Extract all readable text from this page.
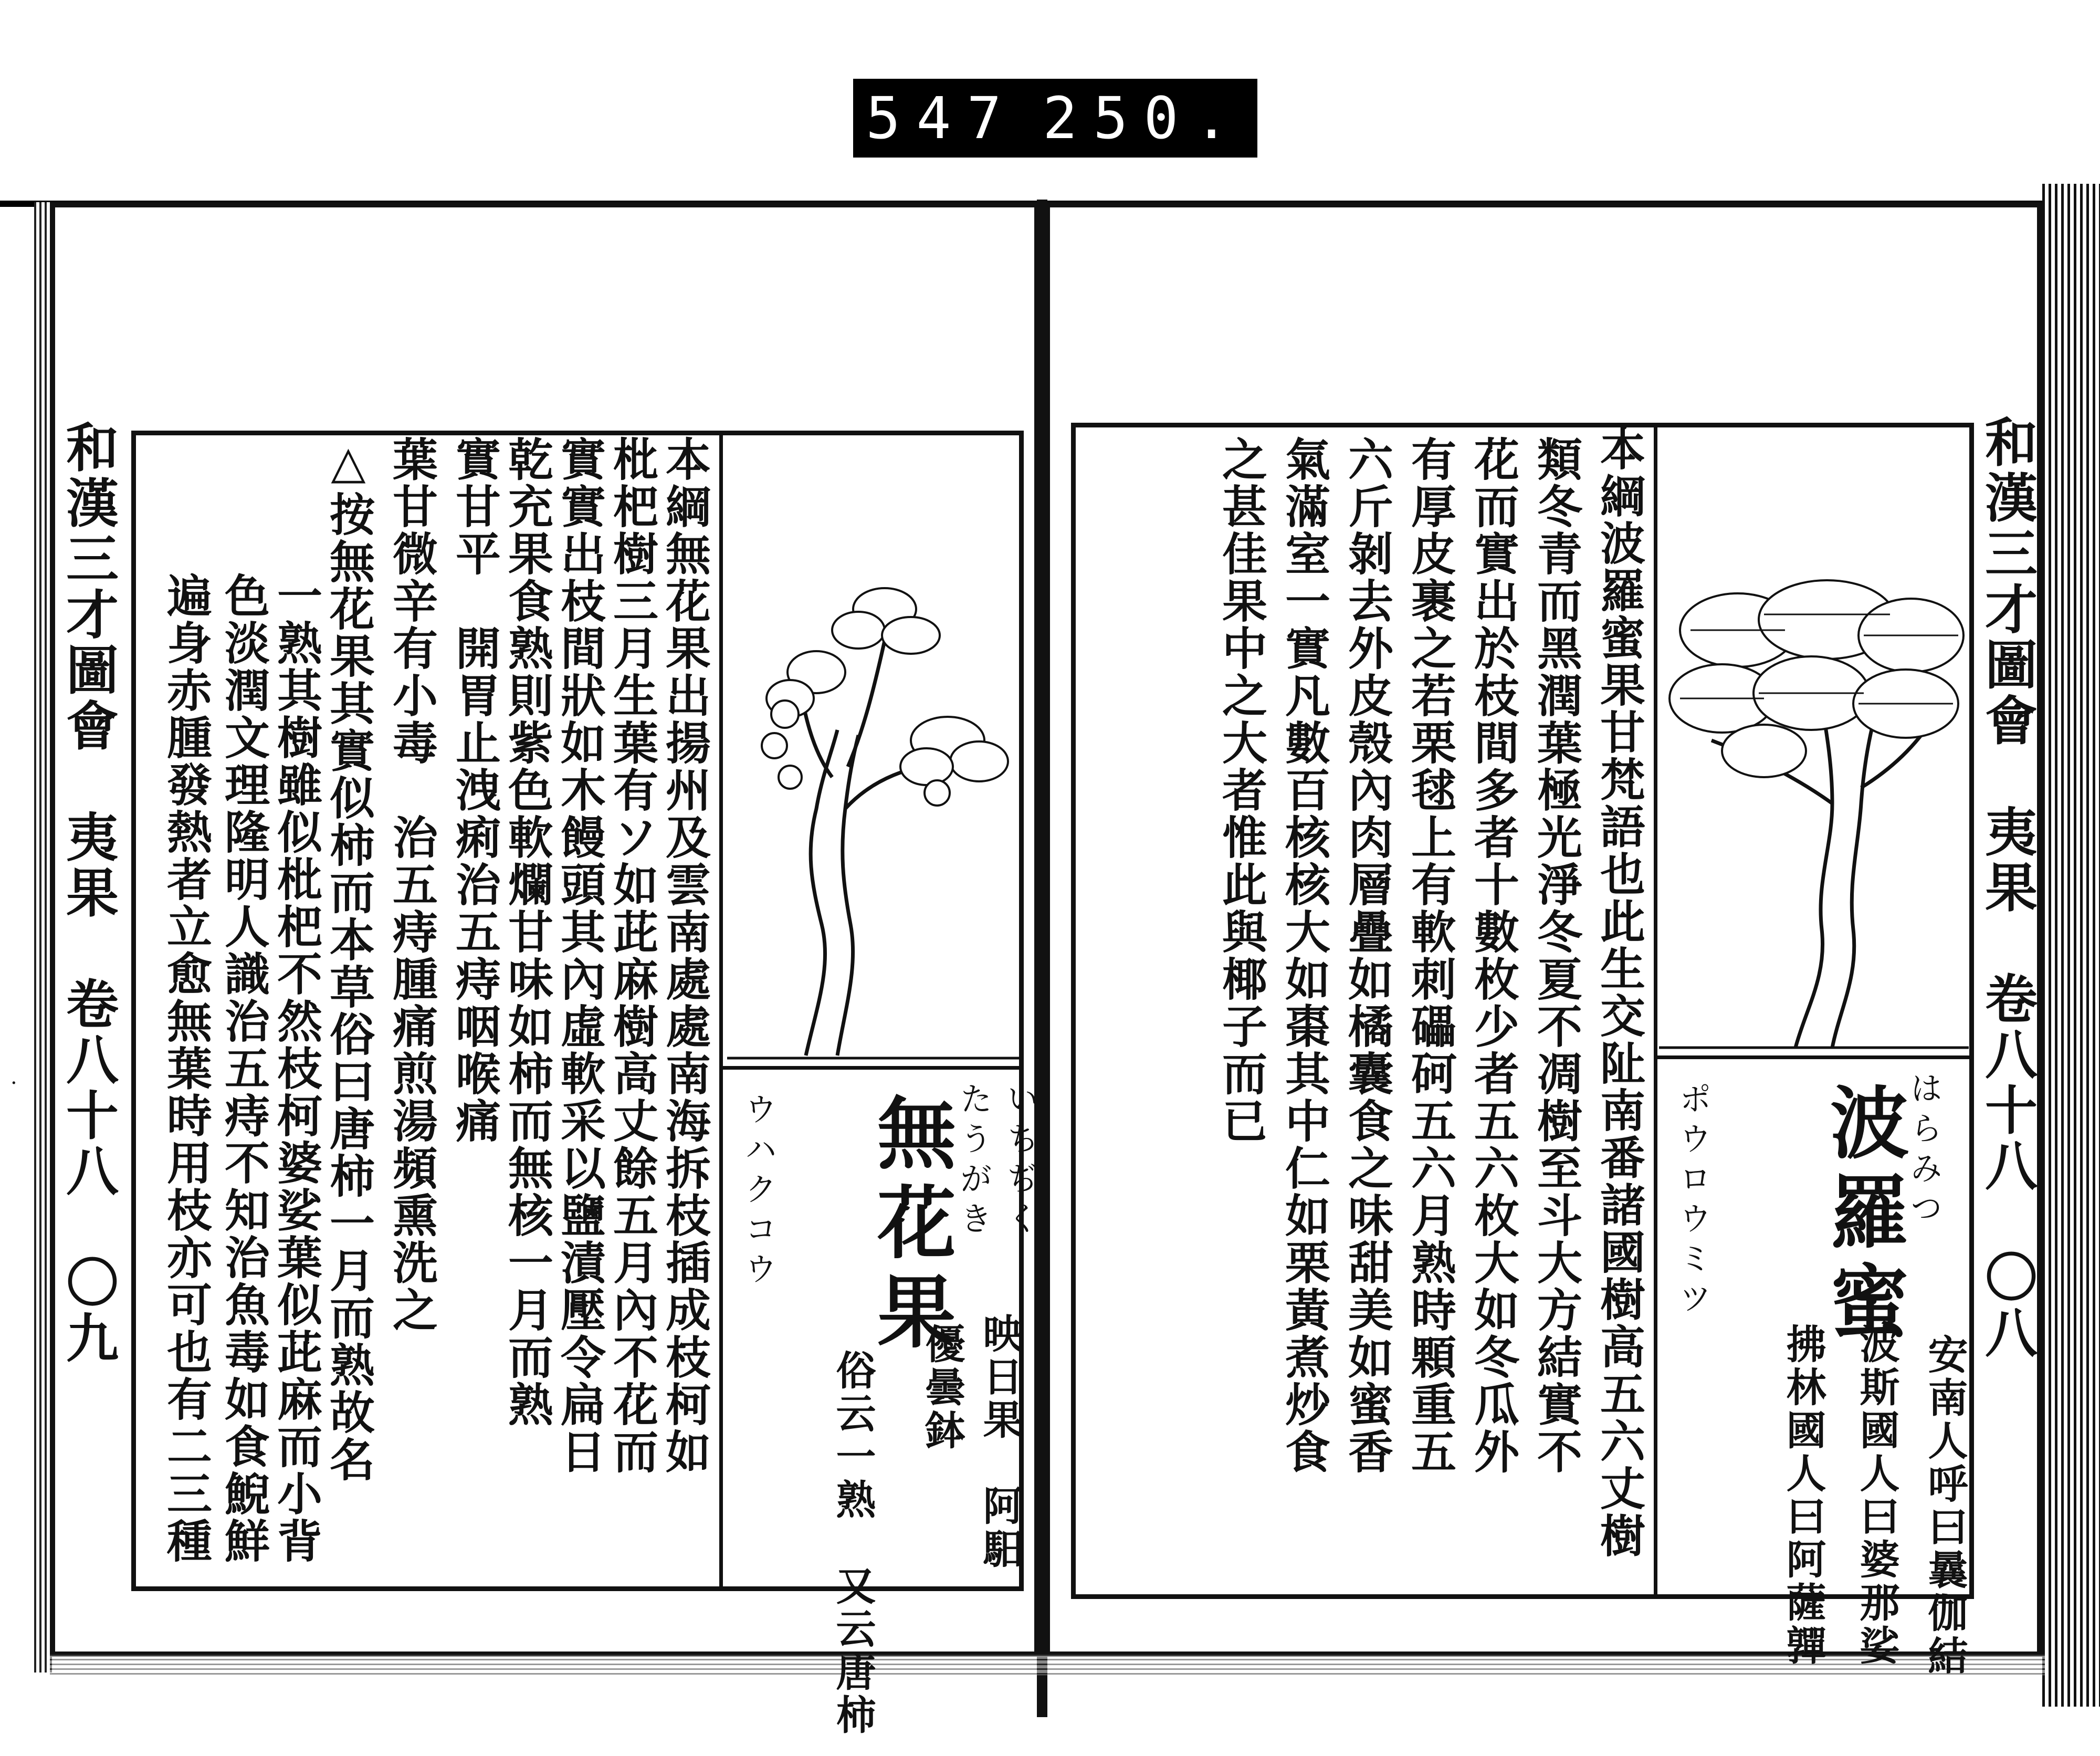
547 250.
和漢三才圖會　夷果　卷八十八　〇九	無花果	いちぢく
たうがき
ウハクコウ
映日果　阿馹
優曇鉢
俗云一熟　又云唐柿
本綱無花果出揚州及雲南處處南海拆枝插成枝柯如
枇杷樹三月生葉有ソ如茈麻樹高丈餘五月內不花而
實實出枝間狀如木饅頭其內虛軟采以鹽漬壓令扁日
乾充果食熟則紫色軟爛甘味如柿而無核一月而熟
實甘平　開胃止洩痢治五痔咽喉痛
葉甘微辛有小毒　治五痔腫痛煎湯頻熏洗之
△按無花果其實似柿而本草俗曰唐柿一月而熟故名
一熟其樹雖似枇杷不然枝柯婆娑葉似茈麻而小背
色淡潤文理隆明人識治五痔不知治魚毒如食鯢鮮
遍身赤腫發熱者立愈無葉時用枝亦可也有二三種	和漢三才圖會　夷果　卷八十八　〇八
波羅蜜
はらみつ
ポウロウミツ
安南人呼曰曩伽結
波斯國人曰婆那娑
拂林國人曰阿薩嚲
本綱波羅蜜果甘梵語也此生交阯南番諸國樹高五六丈樹
類冬青而黑潤葉極光淨冬夏不凋樹至斗大方結實不
花而實出於枝間多者十數枚少者五六枚大如冬瓜外
有厚皮裹之若栗毬上有軟刺礧砢五六月熟時顆重五
六斤剝去外皮殼內肉層疊如橘囊食之味甜美如蜜香
氣滿室一實凡數百核核大如棗其中仁如栗黃煮炒食
之甚佳果中之大者惟此與椰子而已
·
